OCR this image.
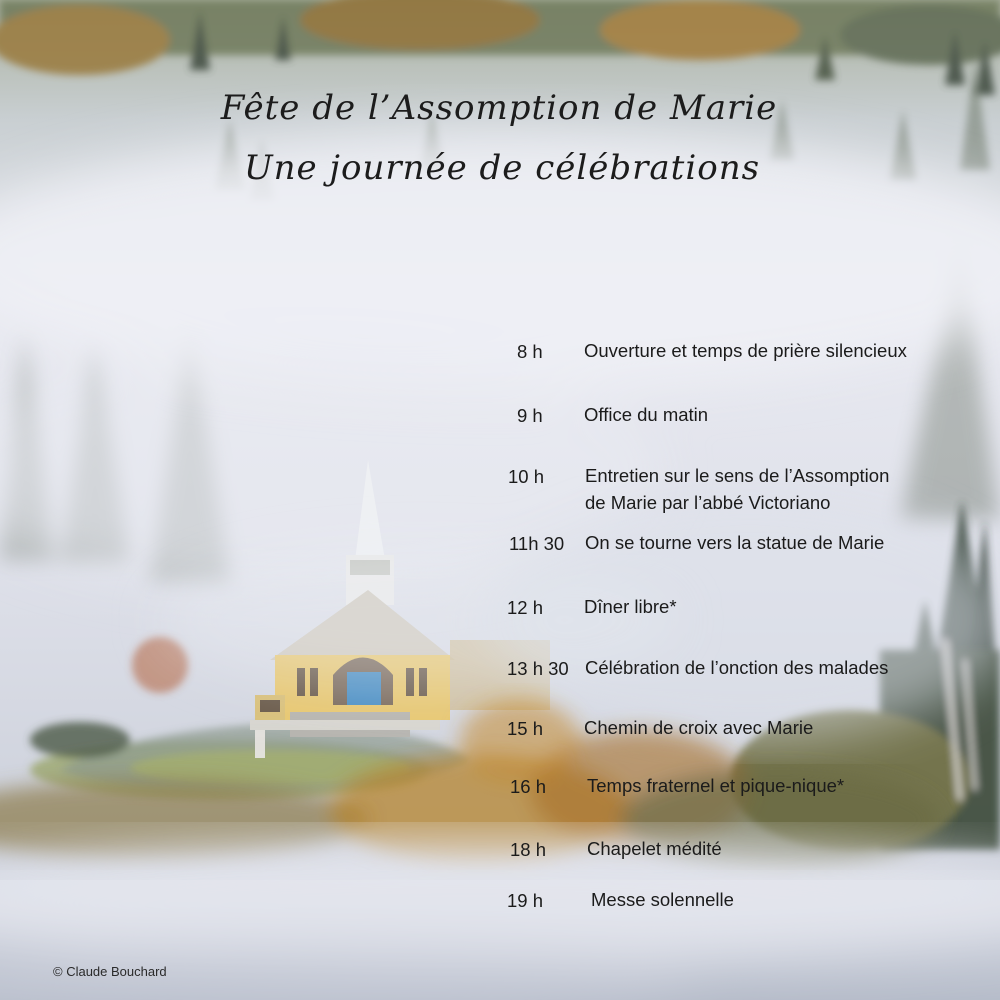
Fête de l’Assomption de Marie
Une journée de célébrations
8 h Ouverture et temps de prière silencieux
9 h Office du matin
10 h Entretien sur le sens de l’Assomption
de Marie par l’abbé Victoriano
11h 30 On se tourne vers la statue de Marie
12 h Dîner libre*
13 h 30 Célébration de l’onction des malades
15 h Chemin de croix avec Marie
16 h Temps fraternel et pique-nique*
18 h Chapelet médité
19 h	Messe solennelle
© Claude Bouchard
